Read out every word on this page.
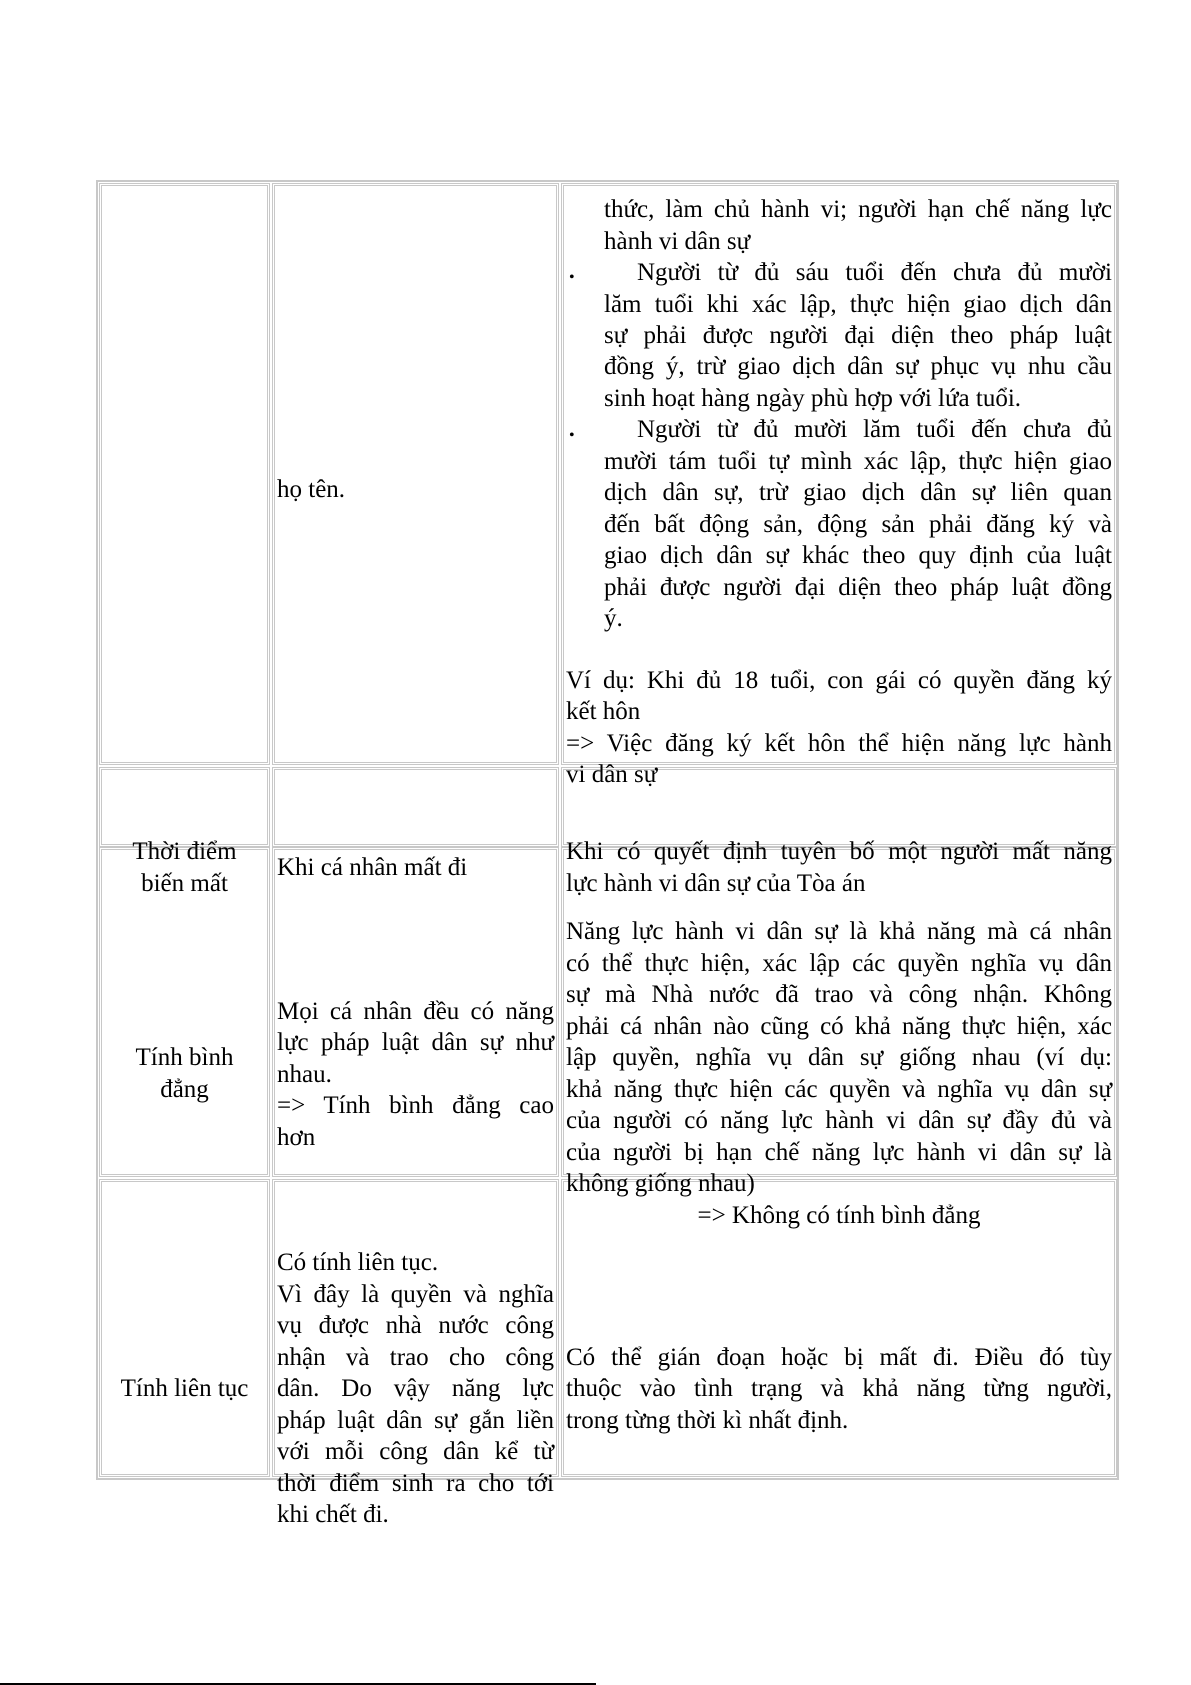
họ tên.
thức, làm chủ hành vi; người hạn chế năng lực
hành vi dân sự
•	Người từ đủ sáu tuổi đến chưa đủ mười
lăm tuổi khi xác lập, thực hiện giao dịch dân
sự phải được người đại diện theo pháp luật
đồng ý, trừ giao dịch dân sự phục vụ nhu cầu
sinh hoạt hàng ngày phù hợp với lứa tuổi.
•	Người từ đủ mười lăm tuổi đến chưa đủ
mười tám tuổi tự mình xác lập, thực hiện giao
dịch dân sự, trừ giao dịch dân sự liên quan
đến bất động sản, động sản phải đăng ký và
giao dịch dân sự khác theo quy định của luật
phải được người đại diện theo pháp luật đồng
ý.
Ví dụ: Khi đủ 18 tuổi, con gái có quyền đăng ký
kết hôn
=> Việc đăng ký kết hôn thể hiện năng lực hành
vi dân sự
Thời điểm
biến mất
Khi cá nhân mất đi
Khi có quyết định tuyên bố một người mất năng
lực hành vi dân sự của Tòa án
Tính bình
đẳng
Mọi cá nhân đều có năng
lực pháp luật dân sự như
nhau.
=> Tính bình đẳng cao
hơn
Năng lực hành vi dân sự là khả năng mà cá nhân
có thể thực hiện, xác lập các quyền nghĩa vụ dân
sự mà Nhà nước đã trao và công nhận. Không
phải cá nhân nào cũng có khả năng thực hiện, xác
lập quyền, nghĩa vụ dân sự giống nhau (ví dụ:
khả năng thực hiện các quyền và nghĩa vụ dân sự
của người có năng lực hành vi dân sự đầy đủ và
của người bị hạn chế năng lực hành vi dân sự là
không giống nhau)
=> Không có tính bình đẳng
Tính liên tục
Có tính liên tục.
Vì đây là quyền và nghĩa
vụ được nhà nước công
nhận và trao cho công
dân. Do vậy năng lực
pháp luật dân sự gắn liền
với mỗi công dân kể từ
thời điểm sinh ra cho tới
khi chết đi.
Có thể gián đoạn hoặc bị mất đi. Điều đó tùy
thuộc vào tình trạng và khả năng từng người,
trong từng thời kì nhất định.
